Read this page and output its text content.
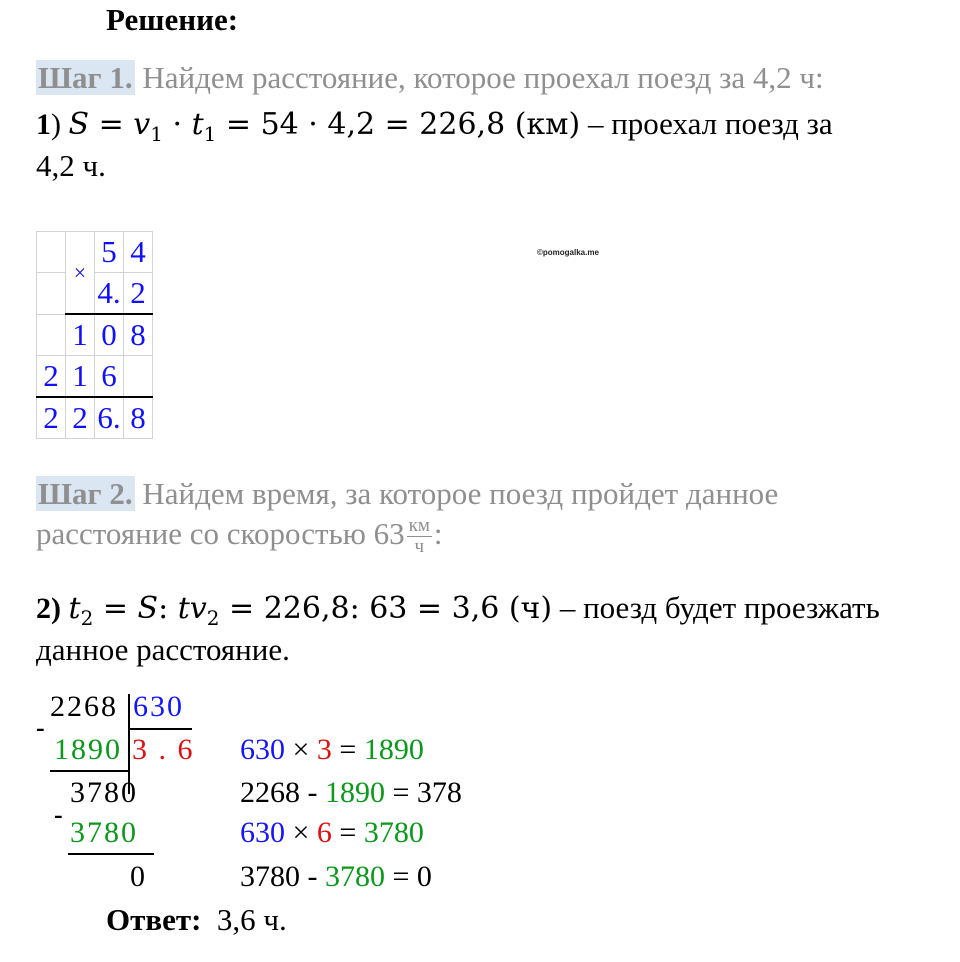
Решение:
Шаг 1. Найдем расстояние, которое проехал поезд за 4,2 ч:
1) $S = v_1 \cdot t_1 = 54 \cdot 4,2 = 226,8$ (км) – проехал поезд за
4,2 ч.
©pomogalka.me
	×	5	4
		4.	2
	1	0	8
2	1	6	
2	2	6.	8
Шаг 2. Найдем время, за которое поезд пройдет данное
расстояние со скоростью $63 \frac{км}{ч}$ :
2) $t_2 = S$: $tv_2 = 226,8$: 63 = 3,6 (ч) – поезд будет проезжать
данное расстояние.
2268 630
-
1890 3 . 6
3780
-
3780
0
630 × 3 = 1890
2268 - 1890 = 378
630 × 6 = 3780
3780 - 3780 = 0
Ответ: 3,6 ч.
